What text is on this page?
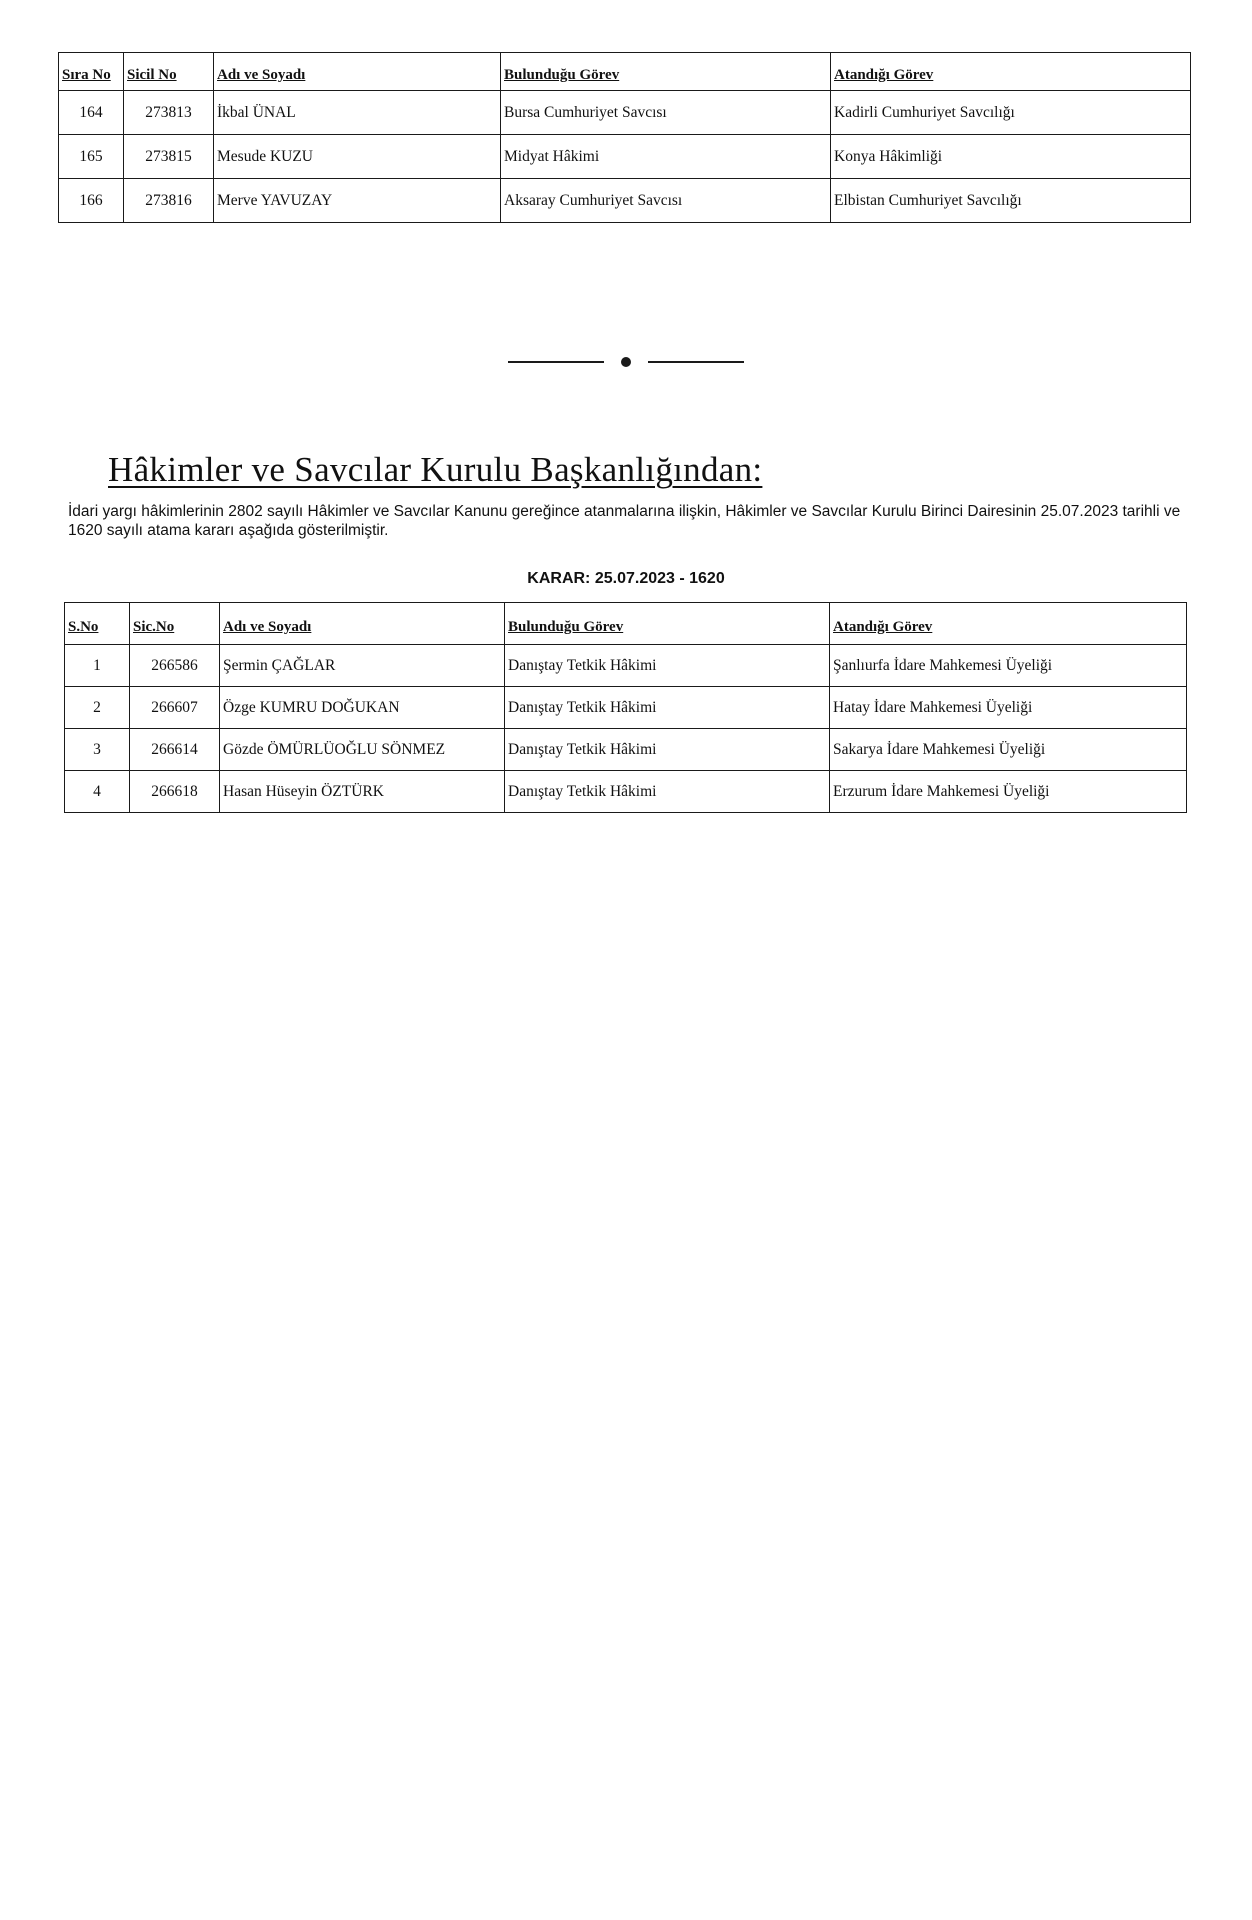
Sıra No	Sicil No	Adı ve Soyadı	Bulunduğu Görev	Atandığı Görev
164	273813	İkbal ÜNAL	Bursa Cumhuriyet Savcısı	Kadirli Cumhuriyet Savcılığı
165	273815	Mesude KUZU	Midyat Hâkimi	Konya Hâkimliği
166	273816	Merve YAVUZAY	Aksaray Cumhuriyet Savcısı	Elbistan Cumhuriyet Savcılığı
Hâkimler ve Savcılar Kurulu Başkanlığından:

İdari yargı hâkimlerinin 2802 sayılı Hâkimler ve Savcılar Kanunu gereğince atanmalarına ilişkin, Hâkimler ve Savcılar Kurulu Birinci Dairesinin 25.07.2023 tarihli ve 1620 sayılı atama kararı aşağıda gösterilmiştir.

KARAR: 25.07.2023 - 1620
S.No	Sic.No	Adı ve Soyadı	Bulunduğu Görev	Atandığı Görev
1	266586	Şermin ÇAĞLAR	Danıştay Tetkik Hâkimi	Şanlıurfa İdare Mahkemesi Üyeliği
2	266607	Özge KUMRU DOĞUKAN	Danıştay Tetkik Hâkimi	Hatay İdare Mahkemesi Üyeliği
3	266614	Gözde ÖMÜRLÜOĞLU SÖNMEZ	Danıştay Tetkik Hâkimi	Sakarya İdare Mahkemesi Üyeliği
4	266618	Hasan Hüseyin ÖZTÜRK	Danıştay Tetkik Hâkimi	Erzurum İdare Mahkemesi Üyeliği
